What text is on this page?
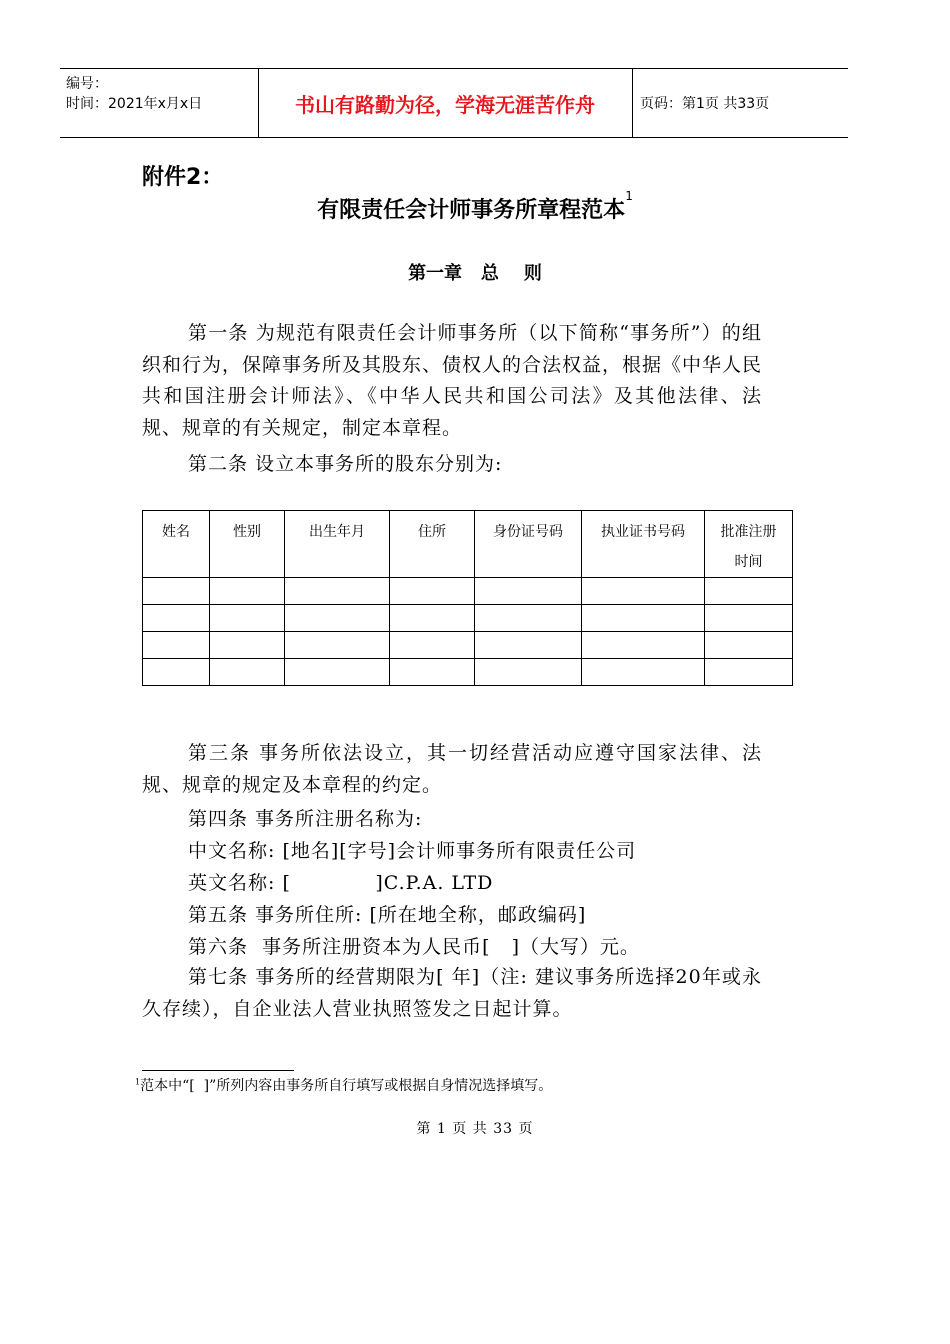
编号：
时间：2021年x月x日	书山有路勤为径，学海无涯苦作舟	页码：第1页 共33页
附件2：
有限责任会计师事务所章程范本$^1$
第一章   总    则
第一条 为规范有限责任会计师事务所（以下简称“事务所”）的组织和行为，保障事务所及其股东、债权人的合法权益，根据《中华人民共和国注册会计师法》、《中华人民共和国公司法》及其他法律、法规、规章的有关规定，制定本章程。
第二条 设立本事务所的股东分别为:
姓名	性别	出生年月	住所	身份证号码	执业证书号码	批准注册时间

第三条 事务所依法设立，其一切经营活动应遵守国家法律、法规、规章的规定及本章程的约定。
第四条 事务所注册名称为:
中文名称: [地名][字号]会计师事务所有限责任公司
英文名称: [            ]C.P.A. LTD
第五条 事务所住所: [所在地全称，邮政编码]
第六条  事务所注册资本为人民币[   ]（大写）元。
第七条 事务所的经营期限为[ 年]（注: 建议事务所选择20年或永久存续），自企业法人营业执照签发之日起计算。
$^1$范本中“[  ]”所列内容由事务所自行填写或根据自身情况选择填写。
第 1 页 共 33 页
